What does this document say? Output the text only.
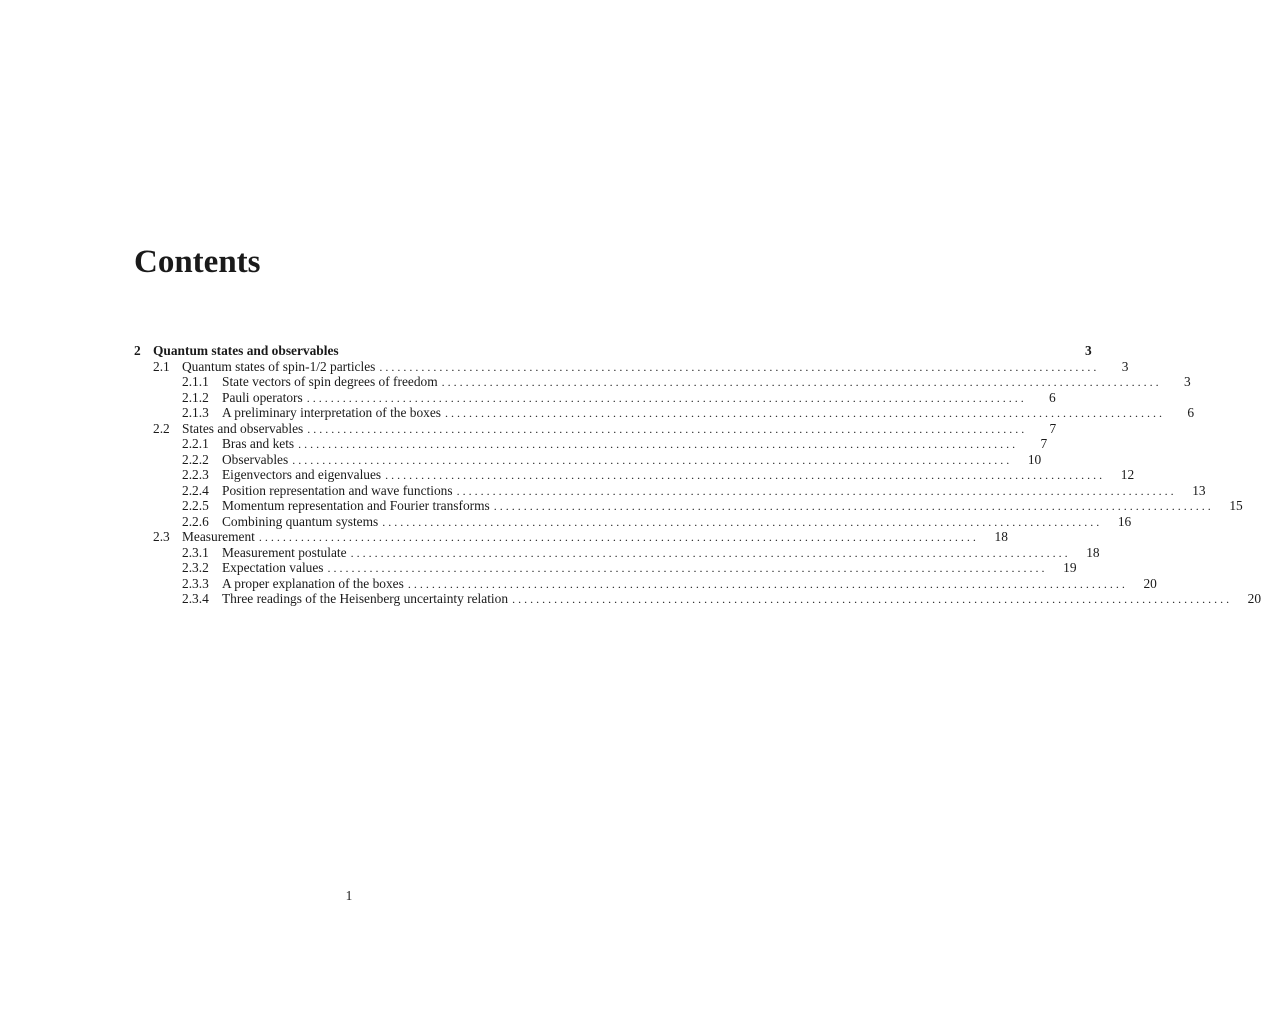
Contents
2 Quantum states and observables	3
2.1 Quantum states of spin-1/2 particles . . . . . . . . . . . . . . . . . . . . . . . . . . . . . . . . . . . . . . . . . . . . . . . . . . . . . . . . . . . . . . . . . . . . . . . . . . . . . . . . . . . . . . . . . . . . . . . . . . . . . . . . . . . . . . . . . . . . . . . .	3
2.1.1 State vectors of spin degrees of freedom . . . . . . . . . . . . . . . . . . . . . . . . . . . . . . . . . . . . . . . . . . . . . . . . . . . . . . . . . . . . . . . . . . . . . . . . . . . . . . . . . . . . . . . . . . . . . . . . . . . . . . . . . . . . . . . . . . . . . . . .	3
2.1.2 Pauli operators . . . . . . . . . . . . . . . . . . . . . . . . . . . . . . . . . . . . . . . . . . . . . . . . . . . . . . . . . . . . . . . . . . . . . . . . . . . . . . . . . . . . . . . . . . . . . . . . . . . . . . . . . . . . . . . . . . . . . . . .	6
2.1.3 A preliminary interpretation of the boxes . . . . . . . . . . . . . . . . . . . . . . . . . . . . . . . . . . . . . . . . . . . . . . . . . . . . . . . . . . . . . . . . . . . . . . . . . . . . . . . . . . . . . . . . . . . . . . . . . . . . . . . . . . . . . . . . . . . . . . . .	6
2.2 States and observables . . . . . . . . . . . . . . . . . . . . . . . . . . . . . . . . . . . . . . . . . . . . . . . . . . . . . . . . . . . . . . . . . . . . . . . . . . . . . . . . . . . . . . . . . . . . . . . . . . . . . . . . . . . . . . . . . . . . . . . .	7
2.2.1 Bras and kets . . . . . . . . . . . . . . . . . . . . . . . . . . . . . . . . . . . . . . . . . . . . . . . . . . . . . . . . . . . . . . . . . . . . . . . . . . . . . . . . . . . . . . . . . . . . . . . . . . . . . . . . . . . . . . . . . . . . . . . .	7
2.2.2 Observables . . . . . . . . . . . . . . . . . . . . . . . . . . . . . . . . . . . . . . . . . . . . . . . . . . . . . . . . . . . . . . . . . . . . . . . . . . . . . . . . . . . . . . . . . . . . . . . . . . . . . . . . . . . . . . . . . . . . . . . .	10
2.2.3 Eigenvectors and eigenvalues . . . . . . . . . . . . . . . . . . . . . . . . . . . . . . . . . . . . . . . . . . . . . . . . . . . . . . . . . . . . . . . . . . . . . . . . . . . . . . . . . . . . . . . . . . . . . . . . . . . . . . . . . . . . . . . . . . . . . . . .	12
2.2.4 Position representation and wave functions . . . . . . . . . . . . . . . . . . . . . . . . . . . . . . . . . . . . . . . . . . . . . . . . . . . . . . . . . . . . . . . . . . . . . . . . . . . . . . . . . . . . . . . . . . . . . . . . . . . . . . . . . . . . . . . . . . . . . . . .	13
2.2.5 Momentum representation and Fourier transforms . . . . . . . . . . . . . . . . . . . . . . . . . . . . . . . . . . . . . . . . . . . . . . . . . . . . . . . . . . . . . . . . . . . . . . . . . . . . . . . . . . . . . . . . . . . . . . . . . . . . . . . . . . . . . . . . . . . . . . . .	15
2.2.6 Combining quantum systems . . . . . . . . . . . . . . . . . . . . . . . . . . . . . . . . . . . . . . . . . . . . . . . . . . . . . . . . . . . . . . . . . . . . . . . . . . . . . . . . . . . . . . . . . . . . . . . . . . . . . . . . . . . . . . . . . . . . . . . .	16
2.3 Measurement . . . . . . . . . . . . . . . . . . . . . . . . . . . . . . . . . . . . . . . . . . . . . . . . . . . . . . . . . . . . . . . . . . . . . . . . . . . . . . . . . . . . . . . . . . . . . . . . . . . . . . . . . . . . . . . . . . . . . . . .	18
2.3.1 Measurement postulate . . . . . . . . . . . . . . . . . . . . . . . . . . . . . . . . . . . . . . . . . . . . . . . . . . . . . . . . . . . . . . . . . . . . . . . . . . . . . . . . . . . . . . . . . . . . . . . . . . . . . . . . . . . . . . . . . . . . . . . .	18
2.3.2 Expectation values . . . . . . . . . . . . . . . . . . . . . . . . . . . . . . . . . . . . . . . . . . . . . . . . . . . . . . . . . . . . . . . . . . . . . . . . . . . . . . . . . . . . . . . . . . . . . . . . . . . . . . . . . . . . . . . . . . . . . . . .	19
2.3.3 A proper explanation of the boxes . . . . . . . . . . . . . . . . . . . . . . . . . . . . . . . . . . . . . . . . . . . . . . . . . . . . . . . . . . . . . . . . . . . . . . . . . . . . . . . . . . . . . . . . . . . . . . . . . . . . . . . . . . . . . . . . . . . . . . . .	20
2.3.4 Three readings of the Heisenberg uncertainty relation . . . . . . . . . . . . . . . . . . . . . . . . . . . . . . . . . . . . . . . . . . . . . . . . . . . . . . . . . . . . . . . . . . . . . . . . . . . . . . . . . . . . . . . . . . . . . . . . . . . . . . . . . . . . . . . . . . . . . . . .	20
1
